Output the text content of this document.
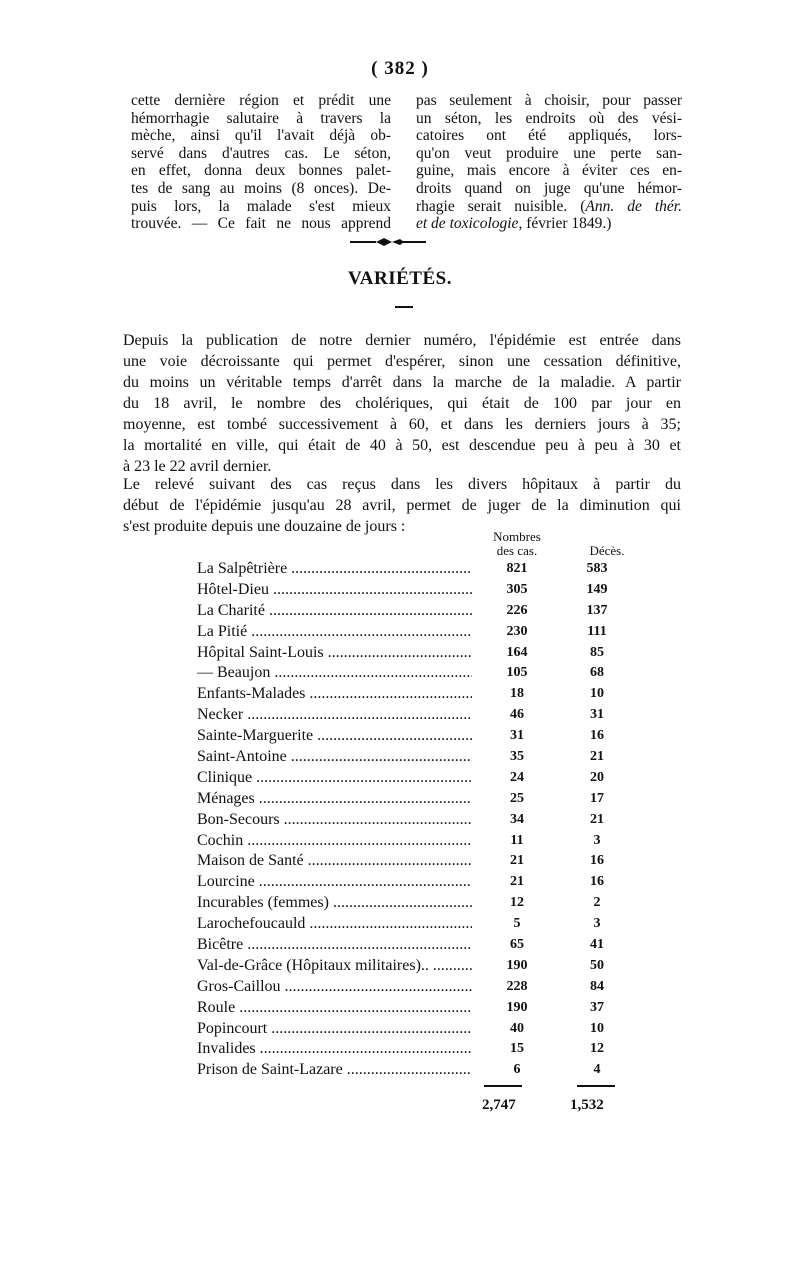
( 382 )
cette dernière région et prédit une
hémorrhagie salutaire à travers la
mèche, ainsi qu'il l'avait déjà ob-
servé dans d'autres cas. Le séton,
en effet, donna deux bonnes palet-
tes de sang au moins (8 onces). De-
puis lors, la malade s'est mieux
trouvée. — Ce fait ne nous apprend
pas seulement à choisir, pour passer
un séton, les endroits où des vési-
catoires ont été appliqués, lors-
qu'on veut produire une perte san-
guine, mais encore à éviter ces en-
droits quand on juge qu'une hémor-
rhagie serait nuisible. (Ann. de thér.
et de toxicologie, février 1849.)
VARIÉTÉS.
Depuis la publication de notre dernier numéro, l'épidémie est entrée dans
une voie décroissante qui permet d'espérer, sinon une cessation définitive,
du moins un véritable temps d'arrêt dans la marche de la maladie. A partir
du 18 avril, le nombre des cholériques, qui était de 100 par jour en
moyenne, est tombé successivement à 60, et dans les derniers jours à 35;
la mortalité en ville, qui était de 40 à 50, est descendue peu à peu à 30 et
à 23 le 22 avril dernier.
Le relevé suivant des cas reçus dans les divers hôpitaux à partir du
début de l'épidémie jusqu'au 28 avril, permet de juger de la diminution qui
s'est produite depuis une douzaine de jours :
Nombres
des cas.	Décès.
La Salpêtrière .....	821	583
Hôtel-Dieu .....	305	149
La Charité .....	226	137
La Pitié .....	230	111
Hôpital Saint-Louis .....	164	85
— Beaujon .....	105	68
Enfants-Malades .....	18	10
Necker .....	46	31
Sainte-Marguerite .....	31	16
Saint-Antoine .....	35	21
Clinique .....	24	20
Ménages .....	25	17
Bon-Secours .....	34	21
Cochin .....	11	3
Maison de Santé .....	21	16
Lourcine .....	21	16
Incurables (femmes) .....	12	2
Larochefoucauld .....	5	3
Bicêtre .....	65	41
Val-de-Grâce (Hôpitaux militaires).. .....	190	50
Gros-Caillou .....	228	84
Roule .....	190	37
Popincourt .....	40	10
Invalides .....	15	12
Prison de Saint-Lazare .....	6	4
2,747	1,532
